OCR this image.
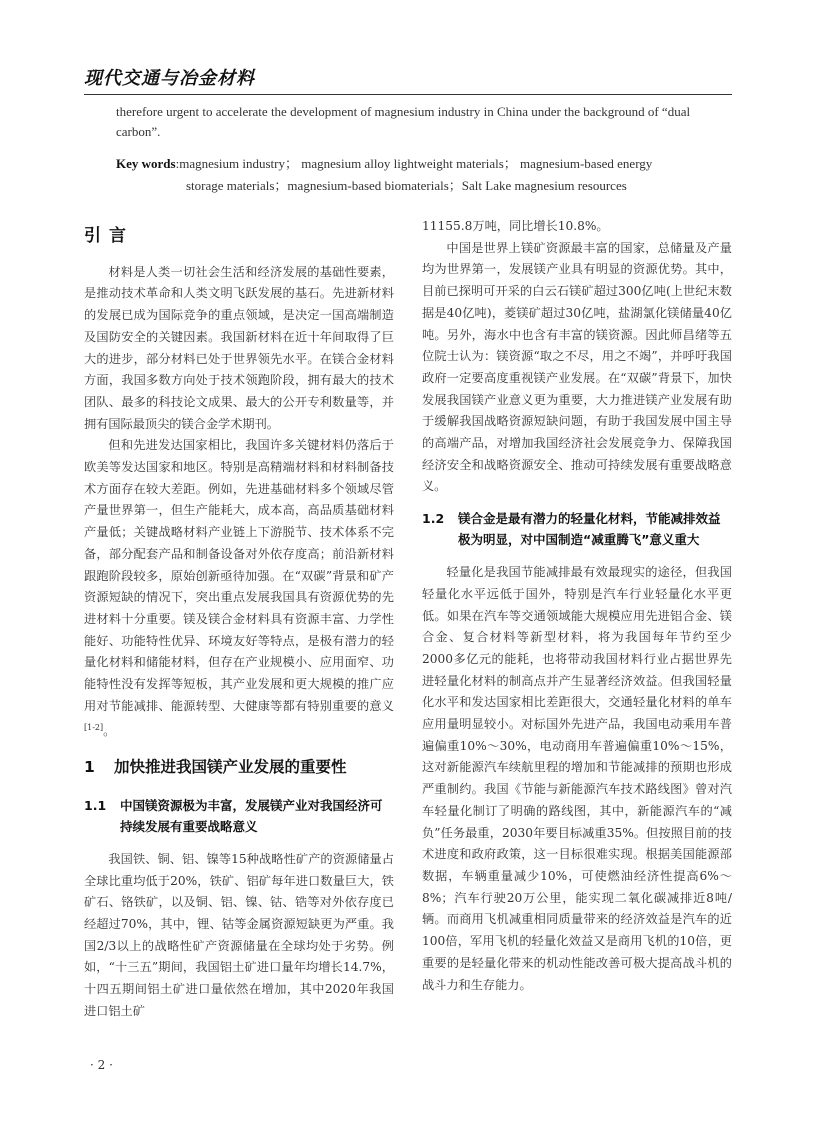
现代交通与冶金材料
therefore urgent to accelerate the development of magnesium industry in China under the background of “dual carbon”.
Key words:magnesium industry； magnesium alloy lightweight materials； magnesium-based energy
storage materials；magnesium-based biomaterials；Salt Lake magnesium resources
引言

材料是人类一切社会生活和经济发展的基础性要素，是推动技术革命和人类文明飞跃发展的基石。先进新材料的发展已成为国际竞争的重点领域，是决定一国高端制造及国防安全的关键因素。我国新材料在近十年间取得了巨大的进步，部分材料已处于世界领先水平。在镁合金材料方面，我国多数方向处于技术领跑阶段，拥有最大的技术团队、最多的科技论文成果、最大的公开专利数量等，并拥有国际最顶尖的镁合金学术期刊。

但和先进发达国家相比，我国许多关键材料仍落后于欧美等发达国家和地区。特别是高精端材料和材料制备技术方面存在较大差距。例如，先进基础材料多个领域尽管产量世界第一，但生产能耗大，成本高，高品质基础材料产量低；关键战略材料产业链上下游脱节、技术体系不完备，部分配套产品和制备设备对外依存度高；前沿新材料跟跑阶段较多，原始创新亟待加强。在“双碳”背景和矿产资源短缺的情况下，突出重点发展我国具有资源优势的先进材料十分重要。镁及镁合金材料具有资源丰富、力学性能好、功能特性优异、环境友好等特点，是极有潜力的轻量化材料和储能材料，但存在产业规模小、应用面窄、功能特性没有发挥等短板，其产业发展和更大规模的推广应用对节能减排、能源转型、大健康等都有特别重要的意义[1-2]。

1 加快推进我国镁产业发展的重要性
1.1	中国镁资源极为丰富，发展镁产业对我国经济可持续发展有重要战略意义

我国铁、铜、铝、镍等15种战略性矿产的资源储量占全球比重均低于20%，铁矿、铝矿每年进口数量巨大，铁矿石、铬铁矿，以及铜、铝、镍、钴、锆等对外依存度已经超过70%，其中，锂、钴等金属资源短缺更为严重。我国2/3以上的战略性矿产资源储量在全球均处于劣势。例如，“十三五”期间，我国铝土矿进口量年均增长14.7%，十四五期间铝土矿进口量依然在增加，其中2020年我国进口铝土矿

11155.8万吨，同比增长10.8%。

中国是世界上镁矿资源最丰富的国家，总储量及产量均为世界第一，发展镁产业具有明显的资源优势。其中，目前已探明可开采的白云石镁矿超过300亿吨(上世纪末数据是40亿吨)，菱镁矿超过30亿吨，盐湖氯化镁储量40亿吨。另外，海水中也含有丰富的镁资源。因此师昌绪等五位院士认为：镁资源“取之不尽，用之不竭”，并呼吁我国政府一定要高度重视镁产业发展。在“双碳”背景下，加快发展我国镁产业意义更为重要，大力推进镁产业发展有助于缓解我国战略资源短缺问题，有助于我国发展中国主导的高端产品，对增加我国经济社会发展竞争力、保障我国经济安全和战略资源安全、推动可持续发展有重要战略意义。

1.2	镁合金是最有潜力的轻量化材料，节能减排效益极为明显，对中国制造“减重腾飞”意义重大

轻量化是我国节能减排最有效最现实的途径，但我国轻量化水平远低于国外，特别是汽车行业轻量化水平更低。如果在汽车等交通领域能大规模应用先进铝合金、镁合金、复合材料等新型材料，将为我国每年节约至少2000多亿元的能耗，也将带动我国材料行业占据世界先进轻量化材料的制高点并产生显著经济效益。但我国轻量化水平和发达国家相比差距很大，交通轻量化材料的单车应用量明显较小。对标国外先进产品，我国电动乘用车普遍偏重10%～30%，电动商用车普遍偏重10%～15%，这对新能源汽车续航里程的增加和节能减排的预期也形成严重制约。我国《节能与新能源汽车技术路线图》曾对汽车轻量化制订了明确的路线图，其中，新能源汽车的“减负”任务最重，2030年要目标减重35%。但按照目前的技术进度和政府政策，这一目标很难实现。根据美国能源部数据，车辆重量减少10%，可使燃油经济性提高6%～8%；汽车行驶20万公里，能实现二氧化碳减排近8吨/辆。而商用飞机减重相同质量带来的经济效益是汽车的近100倍，军用飞机的轻量化效益又是商用飞机的10倍，更重要的是轻量化带来的机动性能改善可极大提高战斗机的战斗力和生存能力。

· 2 ·
